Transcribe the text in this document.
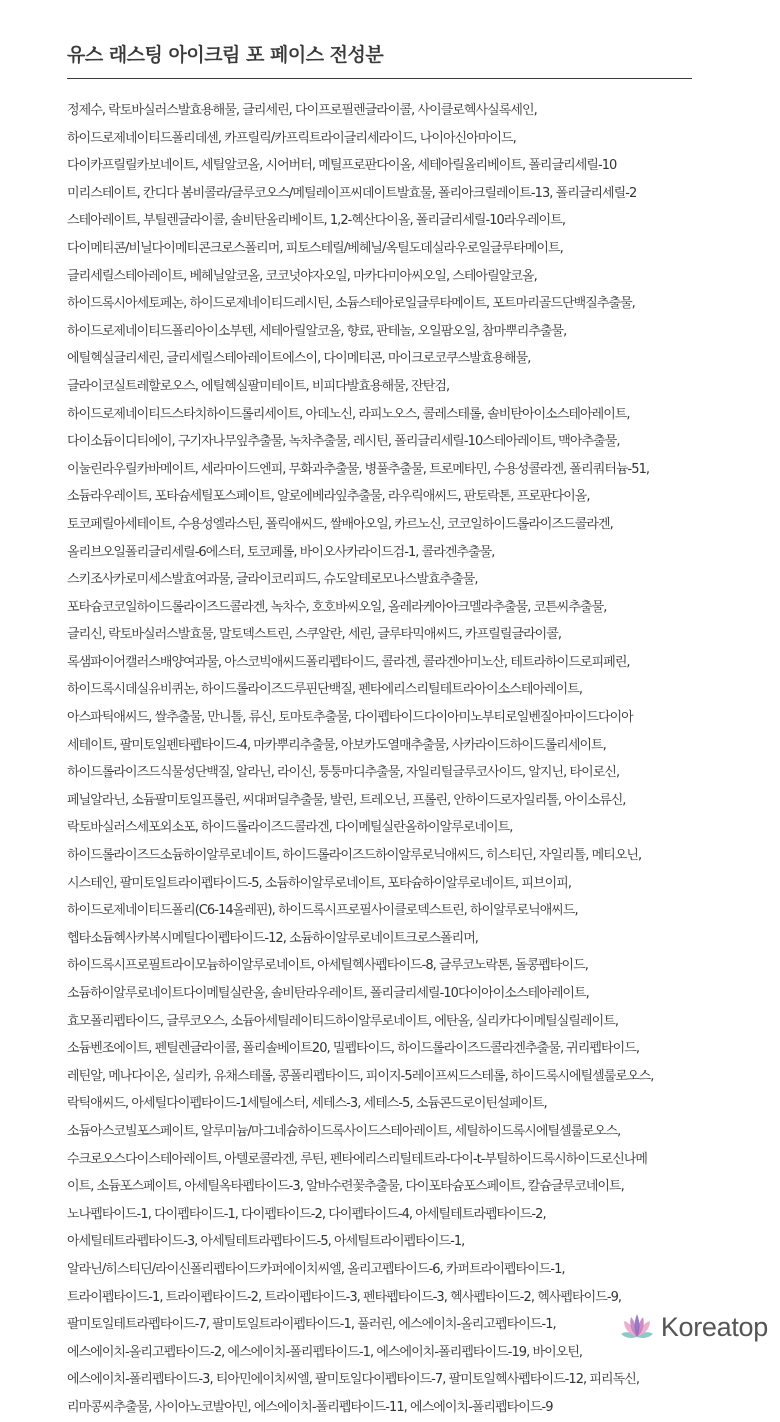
유스 래스팅 아이크림 포 페이스 전성분
정제수, 락토바실러스발효용해물, 글리세린, 다이프로필렌글라이콜, 사이클로헥사실록세인,
하이드로제네이티드폴리데센, 카프릴릭/카프릭트라이글리세라이드, 나이아신아마이드,
다이카프릴릴카보네이트, 세틸알코올, 시어버터, 메틸프로판다이올, 세테아릴올리베이트, 폴리글리세릴-10
미리스테이트, 칸디다 봄비콜라/글루코오스/메틸레이프씨데이트발효물, 폴리아크릴레이트-13, 폴리글리세릴-2
스테아레이트, 부틸렌글라이콜, 솔비탄올리베이트, 1,2-헥산다이올, 폴리글리세릴-10라우레이트,
다이메티콘/비닐다이메티콘크로스폴리머, 피토스테릴/베헤닐/옥틸도데실라우로일글루타메이트,
글리세릴스테아레이트, 베헤닐알코올, 코코넛야자오일, 마카다미아씨오일, 스테아릴알코올,
하이드록시아세토페논, 하이드로제네이티드레시틴, 소듐스테아로일글루타메이트, 포트마리골드단백질추출물,
하이드로제네이티드폴리아이소부텐, 세테아릴알코올, 향료, 판테놀, 오일팜오일, 참마뿌리추출물,
에틸헥실글리세린, 글리세릴스테아레이트에스이, 다이메티콘, 마이크로코쿠스발효용해물,
글라이코실트레할로오스, 에틸헥실팔미테이트, 비피다발효용해물, 잔탄검,
하이드로제네이티드스타치하이드롤리세이트, 아데노신, 라피노오스, 콜레스테롤, 솔비탄아이소스테아레이트,
다이소듐이디티에이, 구기자나무잎추출물, 녹차추출물, 레시틴, 폴리글리세릴-10스테아레이트, 맥아추출물,
이눌린라우릴카바메이트, 세라마이드엔피, 무화과추출물, 병풀추출물, 트로메타민, 수용성콜라겐, 폴리쿼터늄-51,
소듐라우레이트, 포타슘세틸포스페이트, 알로에베라잎추출물, 라우릭애씨드, 판토락톤, 프로판다이올,
토코페릴아세테이트, 수용성엘라스틴, 폴릭애씨드, 쌀배아오일, 카르노신, 코코일하이드롤라이즈드콜라겐,
올리브오일폴리글리세릴-6에스터, 토코페롤, 바이오사카라이드검-1, 콜라겐추출물,
스키조사카로미세스발효여과물, 글라이코리피드, 슈도알테로모나스발효추출물,
포타슘코코일하이드롤라이즈드콜라겐, 녹차수, 호호바씨오일, 올레라케아아크멜라추출물, 코튼씨추출물,
글리신, 락토바실러스발효물, 말토덱스트린, 스쿠알란, 세린, 글루타믹애씨드, 카프릴릴글라이콜,
록샘파이어캘러스배양여과물, 아스코빅애씨드폴리펩타이드, 콜라겐, 콜라겐아미노산, 테트라하이드로피페린,
하이드록시데실유비퀴논, 하이드롤라이즈드루핀단백질, 펜타에리스리틸테트라아이소스테아레이트,
아스파틱애씨드, 쌀추출물, 만니톨, 류신, 토마토추출물, 다이펩타이드다이아미노부티로일벤질아마이드다이아
세테이트, 팔미토일펜타펩타이드-4, 마카뿌리추출물, 아보카도열매추출물, 사카라이드하이드롤리세이트,
하이드롤라이즈드식물성단백질, 알라닌, 라이신, 퉁퉁마디추출물, 자일리틸글루코사이드, 알지닌, 타이로신,
페닐알라닌, 소듐팔미토일프롤린, 씨대퍼딜추출물, 발린, 트레오닌, 프롤린, 안하이드로자일리톨, 아이소류신,
락토바실러스세포외소포, 하이드롤라이즈드콜라겐, 다이메틸실란올하이알루로네이트,
하이드롤라이즈드소듐하이알루로네이트, 하이드롤라이즈드하이알루로닉애씨드, 히스티딘, 자일리톨, 메티오닌,
시스테인, 팔미토일트라이펩타이드-5, 소듐하이알루로네이트, 포타슘하이알루로네이트, 피브이피,
하이드로제네이티드폴리(C6-14올레핀), 하이드록시프로필사이클로덱스트린, 하이알루로닉애씨드,
헵타소듐헥사카복시메틸다이펩타이드-12, 소듐하이알루로네이트크로스폴리머,
하이드록시프로필트라이모늄하이알루로네이트, 아세틸헥사펩타이드-8, 글루코노락톤, 돌콩펩타이드,
소듐하이알루로네이트다이메틸실란올, 솔비탄라우레이트, 폴리글리세릴-10다이아이소스테아레이트,
효모폴리펩타이드, 글루코오스, 소듐아세틸레이티드하이알루로네이트, 에탄올, 실리카다이메틸실릴레이트,
소듐벤조에이트, 펜틸렌글라이콜, 폴리솔베이트20, 밀펩타이드, 하이드롤라이즈드콜라겐추출물, 귀리펩타이드,
레틴알, 메나다이온, 실리카, 유채스테롤, 콩폴리펩타이드, 피이지-5레이프씨드스테롤, 하이드록시에틸셀룰로오스,
락틱애씨드, 아세틸다이펩타이드-1세틸에스터, 세테스-3, 세테스-5, 소듐콘드로이틴설페이트,
소듐아스코빌포스페이트, 알루미늄/마그네슘하이드록사이드스테아레이트, 세틸하이드록시에틸셀룰로오스,
수크로오스다이스테아레이트, 아텔로콜라겐, 루틴, 펜타에리스리틸테트라-다이-t-부틸하이드록시하이드로신나메
이트, 소듐포스페이트, 아세틸옥타펩타이드-3, 알바수련꽃추출물, 다이포타슘포스페이트, 칼슘글루코네이트,
노나펩타이드-1, 다이펩타이드-1, 다이펩타이드-2, 다이펩타이드-4, 아세틸테트라펩타이드-2,
아세틸테트라펩타이드-3, 아세틸테트라펩타이드-5, 아세틸트라이펩타이드-1,
알라닌/히스티딘/라이신폴리펩타이드카퍼에이치씨엘, 올리고펩타이드-6, 카퍼트라이펩타이드-1,
트라이펩타이드-1, 트라이펩타이드-2, 트라이펩타이드-3, 펜타펩타이드-3, 헥사펩타이드-2, 헥사펩타이드-9,
팔미토일테트라펩타이드-7, 팔미토일트라이펩타이드-1, 풀러린, 에스에이치-올리고펩타이드-1,
에스에이치-올리고펩타이드-2, 에스에이치-폴리펩타이드-1, 에스에이치-폴리펩타이드-19, 바이오틴,
에스에이치-폴리펩타이드-3, 티아민에이치씨엘, 팔미토일다이펩타이드-7, 팔미토일헥사펩타이드-12, 피리독신,
리마콩씨추출물, 사이아노코발아민, 에스에이치-폴리펩타이드-11, 에스에이치-폴리펩타이드-9
Koreatop
